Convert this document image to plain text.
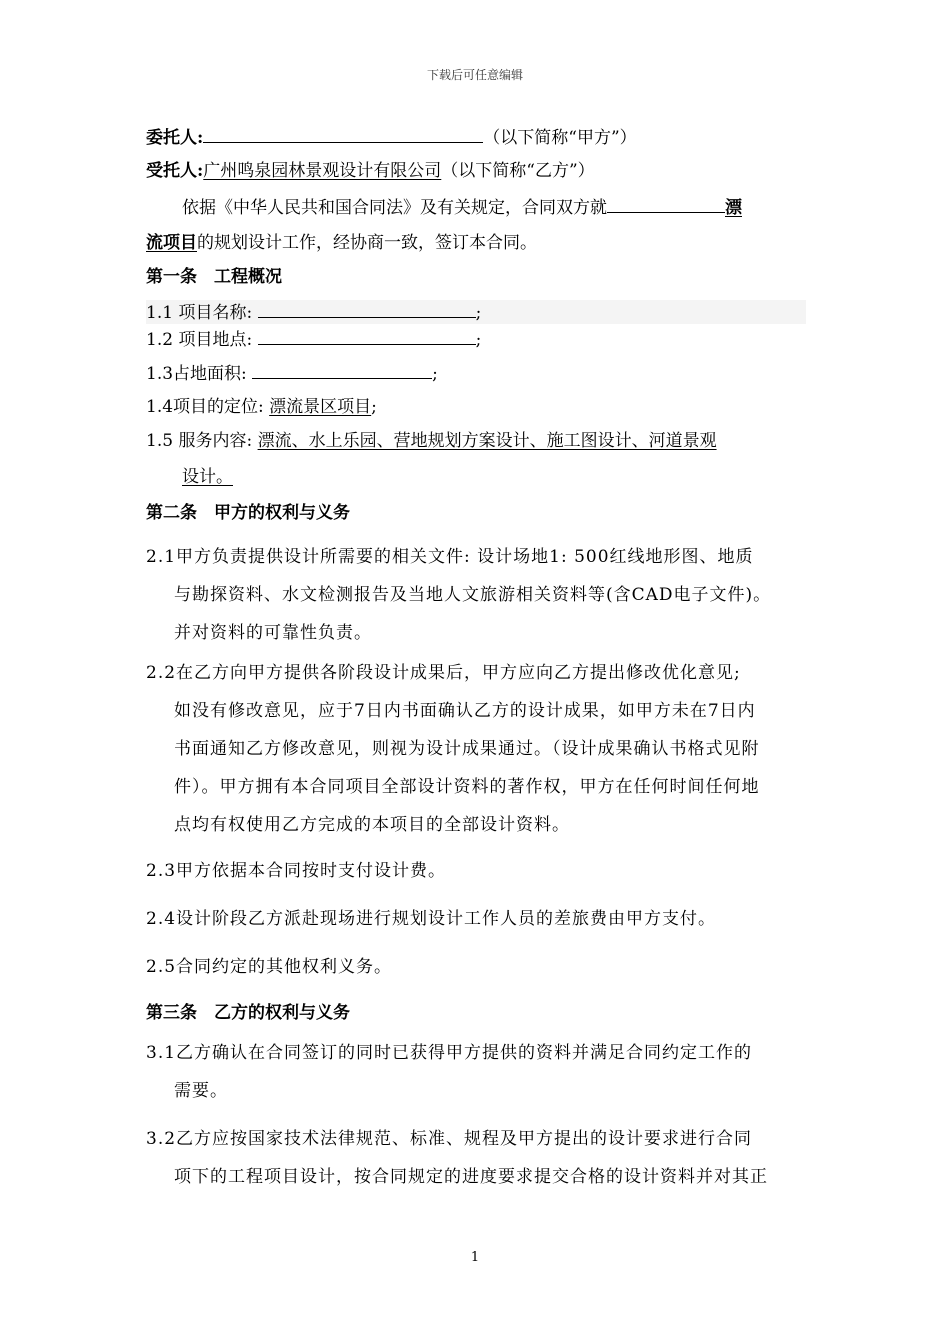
下载后可任意编辑
委托人:	（以下简称“甲方”）
受托人:广州鸣泉园林景观设计有限公司（以下简称“乙方”）
依据《中华人民共和国合同法》及有关规定，合同双方就	漂
流项目的规划设计工作，经协商一致，签订本合同。
第一条　工程概况
1.1 项目名称:	;
1.2 项目地点:	;
1.3占地面积:	;
1.4项目的定位: 漂流景区项目;
1.5 服务内容: 漂流、水上乐园、营地规划方案设计、施工图设计、河道景观
设计。
第二条　甲方的权利与义务
2.1甲方负责提供设计所需要的相关文件: 设计场地1: 500红线地形图、地质
与勘探资料、水文检测报告及当地人文旅游相关资料等(含CAD电子文件)。
并对资料的可靠性负责。
2.2在乙方向甲方提供各阶段设计成果后，甲方应向乙方提出修改优化意见;
如没有修改意见，应于7日内书面确认乙方的设计成果，如甲方未在7日内
书面通知乙方修改意见，则视为设计成果通过。（设计成果确认书格式见附
件）。甲方拥有本合同项目全部设计资料的著作权，甲方在任何时间任何地
点均有权使用乙方完成的本项目的全部设计资料。
2.3甲方依据本合同按时支付设计费。
2.4设计阶段乙方派赴现场进行规划设计工作人员的差旅费由甲方支付。
2.5合同约定的其他权利义务。
第三条　乙方的权利与义务
3.1乙方确认在合同签订的同时已获得甲方提供的资料并满足合同约定工作的
需要。
3.2乙方应按国家技术法律规范、标准、规程及甲方提出的设计要求进行合同
项下的工程项目设计，按合同规定的进度要求提交合格的设计资料并对其正
1
